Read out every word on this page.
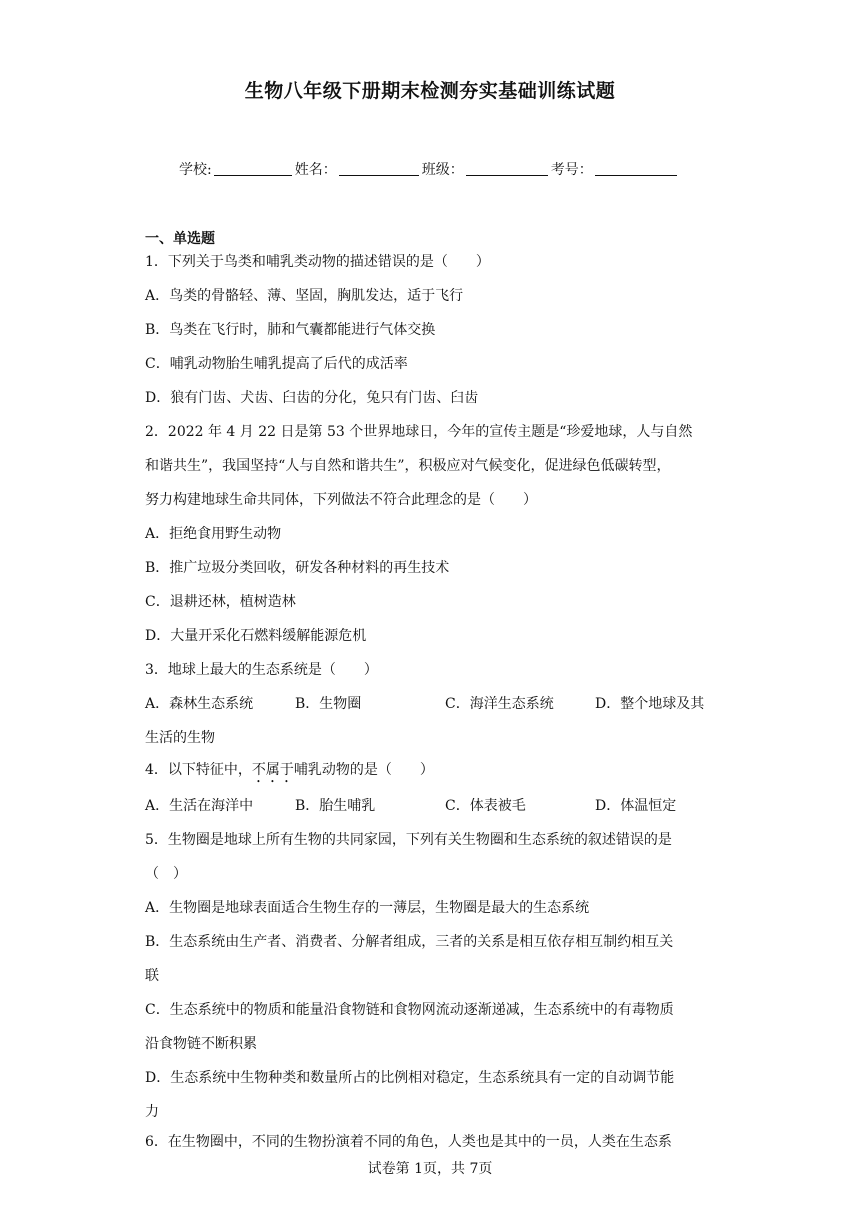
生物八年级下册期末检测夯实基础训练试题
学校:	姓名：	班级：	考号：
一、单选题
1．下列关于鸟类和哺乳类动物的描述错误的是（　　）
A．鸟类的骨骼轻、薄、坚固，胸肌发达，适于飞行
B．鸟类在飞行时，肺和气囊都能进行气体交换
C．哺乳动物胎生哺乳提高了后代的成活率
D．狼有门齿、犬齿、臼齿的分化，兔只有门齿、臼齿
2．2022 年 4 月 22 日是第 53 个世界地球日，今年的宣传主题是“珍爱地球，人与自然
和谐共生”，我国坚持“人与自然和谐共生”，积极应对气候变化，促进绿色低碳转型，
努力构建地球生命共同体，下列做法不符合此理念的是（　　）
A．拒绝食用野生动物
B．推广垃圾分类回收，研发各种材料的再生技术
C．退耕还林，植树造林
D．大量开采化石燃料缓解能源危机
3．地球上最大的生态系统是（　　）
A．森林生态系统	B．生物圈	C．海洋生态系统	D．整个地球及其
生活的生物
4．以下特征中，不属于哺乳动物的是（　　）
A．生活在海洋中	B．胎生哺乳	C．体表被毛	D．体温恒定
5．生物圈是地球上所有生物的共同家园，下列有关生物圈和生态系统的叙述错误的是
（　）
A．生物圈是地球表面适合生物生存的一薄层，生物圈是最大的生态系统
B．生态系统由生产者、消费者、分解者组成，三者的关系是相互依存相互制约相互关
联
C．生态系统中的物质和能量沿食物链和食物网流动逐渐递减，生态系统中的有毒物质
沿食物链不断积累
D．生态系统中生物种类和数量所占的比例相对稳定，生态系统具有一定的自动调节能
力
6．在生物圈中，不同的生物扮演着不同的角色，人类也是其中的一员，人类在生态系
试卷第 1页，共 7页
